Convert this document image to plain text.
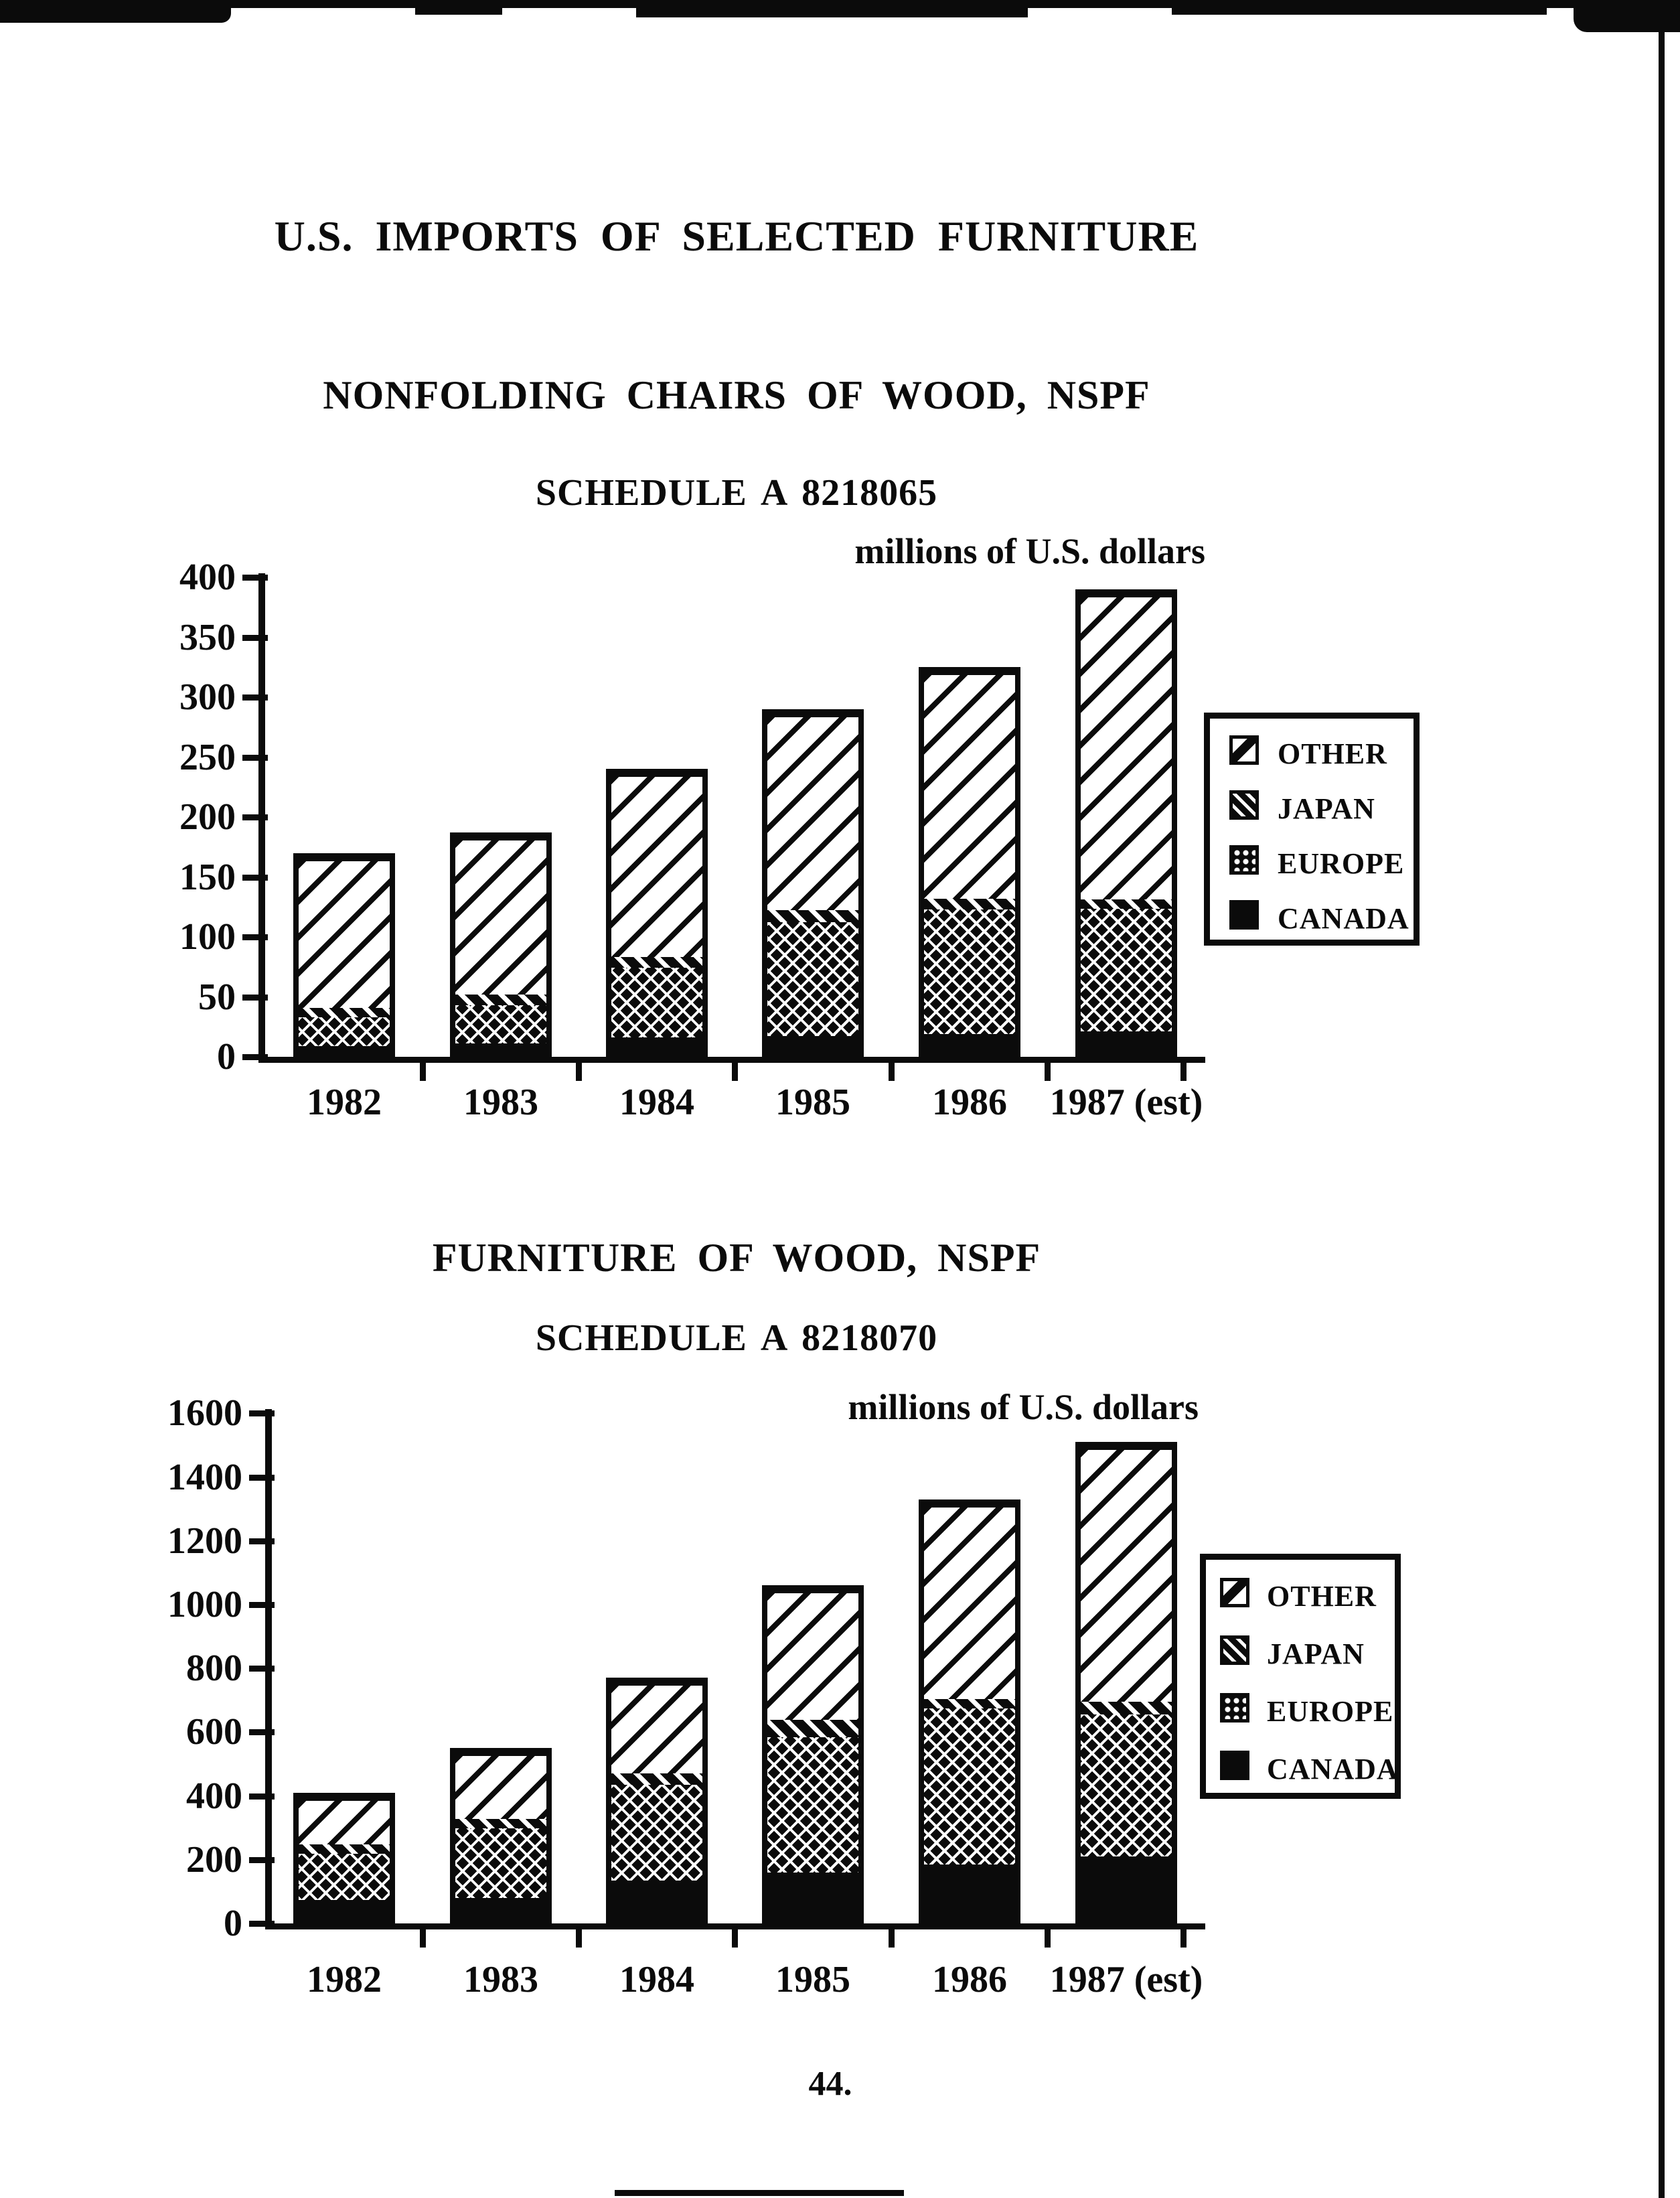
U.S. IMPORTS OF SELECTED FURNITURE
NONFOLDING CHAIRS OF WOOD, NSPF
SCHEDULE A 8218065
millions of U.S. dollars
FURNITURE OF WOOD, NSPF
SCHEDULE A 8218070
millions of U.S. dollars
44.
0
50
100
150
200
250
300
350
400
1982	1983	1984	1985	1986	1987 (est)
OTHER
JAPAN
EUROPE
CANADA
0
200
400
600
800
1000
1200
1400
1600
1982	1983	1984	1985	1986	1987 (est)
OTHER
JAPAN
EUROPE
CANADA
